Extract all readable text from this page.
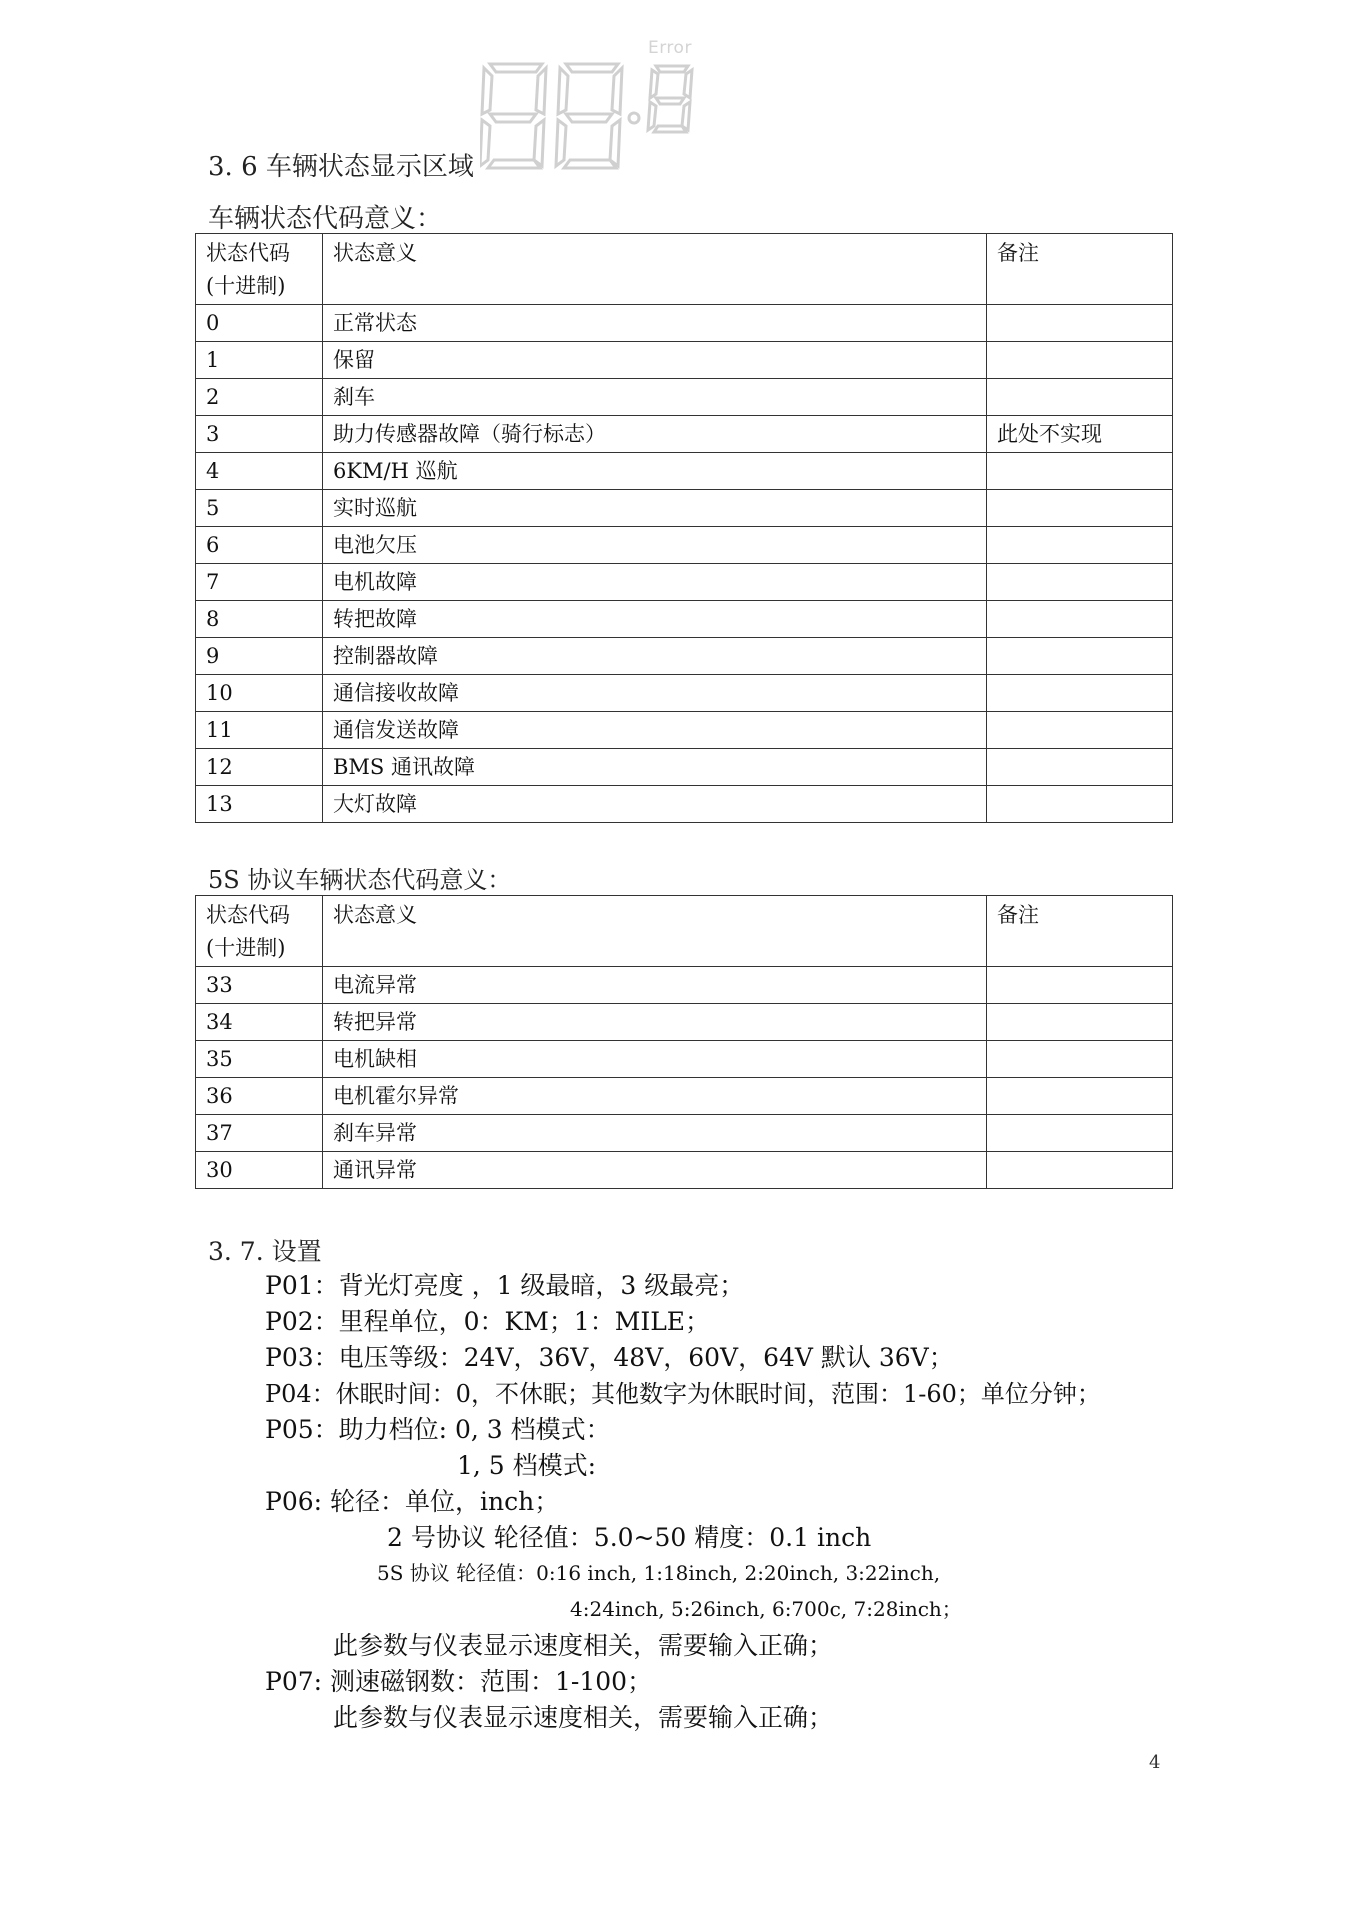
Error
3. 6 车辆状态显示区域
车辆状态代码意义：
状态代码(十进制)	状态意义	备注
0	正常状态	
1	保留	
2	刹车	
3	助力传感器故障（骑行标志）	此处不实现
4	6KM/H 巡航	
5	实时巡航	
6	电池欠压	
7	电机故障	
8	转把故障	
9	控制器故障	
10	通信接收故障	
11	通信发送故障	
12	BMS 通讯故障	
13	大灯故障	
5S 协议车辆状态代码意义：
状态代码(十进制)	状态意义	备注
33	电流异常	
34	转把异常	
35	电机缺相	
36	电机霍尔异常	
37	刹车异常	
30	通讯异常	
3. 7. 设置
P01：背光灯亮度 ，1 级最暗，3 级最亮；
P02：里程单位，0：KM；1：MILE；
P03：电压等级：24V，36V，48V，60V，64V 默认 36V；
P04：休眠时间：0，不休眠；其他数字为休眠时间，范围：1-60；单位分钟；
P05：助力档位: 0, 3 档模式：
1, 5 档模式:
P06: 轮径：单位，inch；
2 号协议 轮径值：5.0~50 精度：0.1 inch
5S 协议 轮径值：0:16 inch, 1:18inch, 2:20inch, 3:22inch,
4:24inch, 5:26inch, 6:700c, 7:28inch；
此参数与仪表显示速度相关，需要输入正确；
P07: 测速磁钢数：范围：1-100；
此参数与仪表显示速度相关，需要输入正确；
4
